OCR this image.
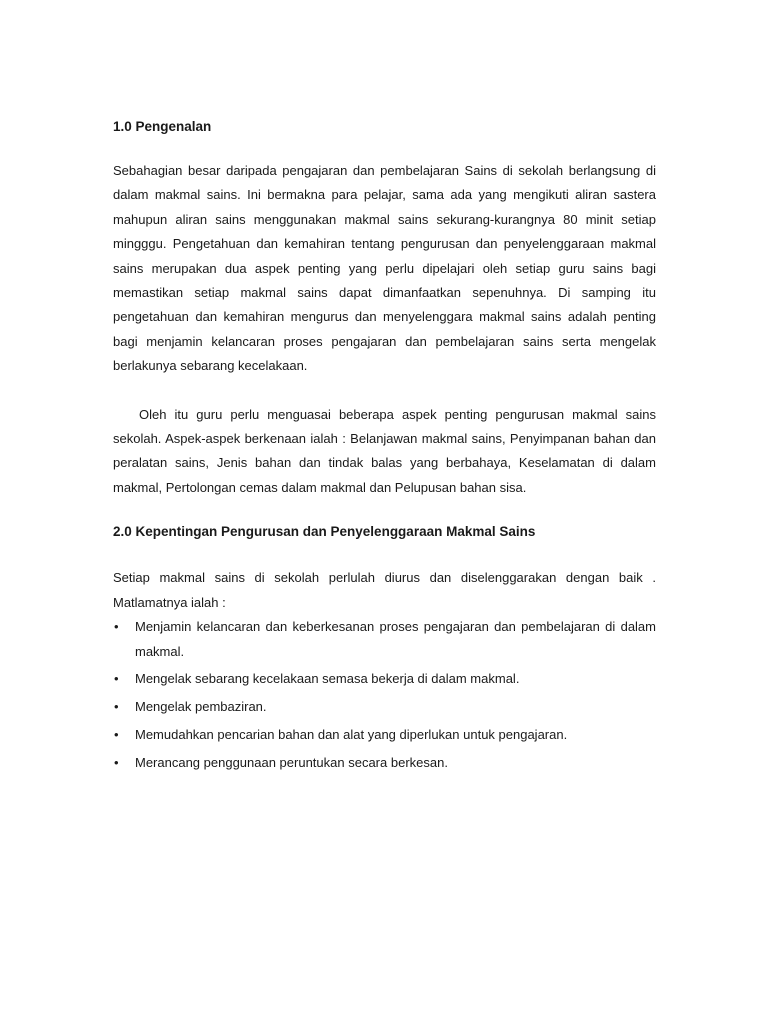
1.0 Pengenalan

Sebahagian besar daripada pengajaran dan pembelajaran Sains di sekolah berlangsung di dalam makmal sains. Ini bermakna para pelajar, sama ada yang mengikuti aliran sastera mahupun aliran sains menggunakan makmal sains sekurang-kurangnya 80 minit setiap mingggu. Pengetahuan dan kemahiran tentang pengurusan dan penyelenggaraan makmal sains merupakan dua aspek penting yang perlu dipelajari oleh setiap guru sains bagi memastikan setiap makmal sains dapat dimanfaatkan sepenuhnya. Di samping itu pengetahuan dan kemahiran mengurus dan menyelenggara makmal sains adalah penting bagi menjamin kelancaran proses pengajaran dan pembelajaran sains serta mengelak berlakunya sebarang kecelakaan.

Oleh itu guru perlu menguasai beberapa aspek penting pengurusan makmal sains sekolah. Aspek-aspek berkenaan ialah : Belanjawan makmal sains, Penyimpanan bahan dan peralatan sains, Jenis bahan dan tindak balas yang berbahaya, Keselamatan di dalam makmal, Pertolongan cemas dalam makmal dan Pelupusan bahan sisa.

2.0 Kepentingan Pengurusan dan Penyelenggaraan Makmal Sains

Setiap makmal sains di sekolah perlulah diurus dan diselenggarakan dengan baik . Matlamatnya ialah :

• Menjamin kelancaran dan keberkesanan proses pengajaran dan pembelajaran di dalam makmal.
• Mengelak sebarang kecelakaan semasa bekerja di dalam makmal.
• Mengelak pembaziran.
• Memudahkan pencarian bahan dan alat yang diperlukan untuk pengajaran.
• Merancang penggunaan peruntukan secara berkesan.
